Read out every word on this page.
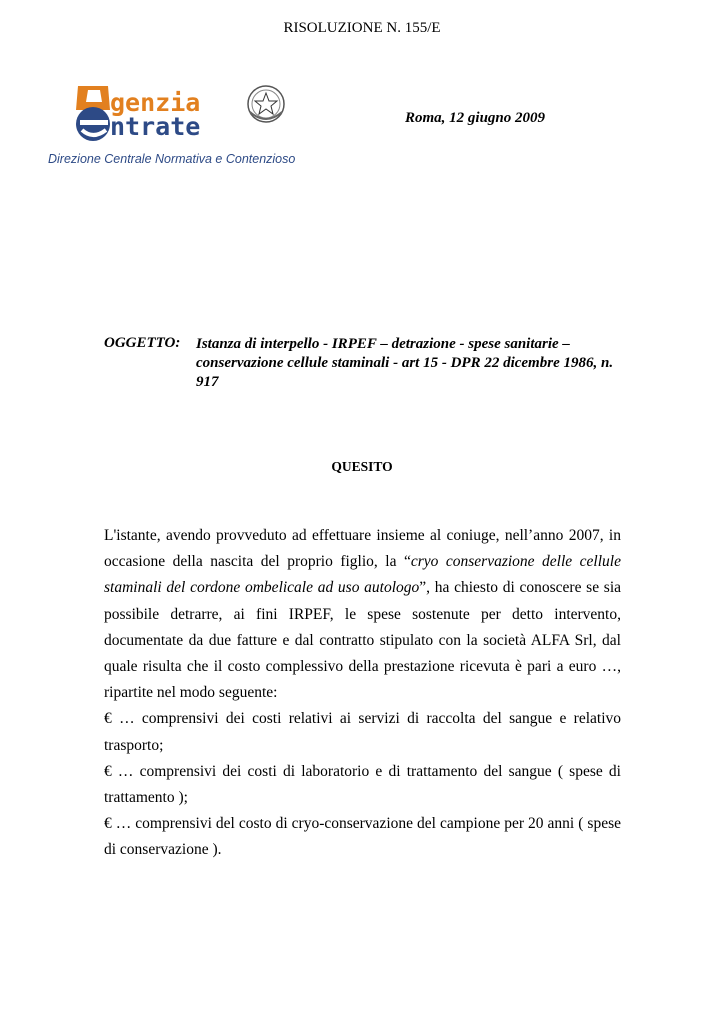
RISOLUZIONE N. 155/E
genzia
ntrate
Direzione Centrale Normativa e Contenzioso
Roma, 12 giugno 2009
OGGETTO: Istanza di interpello - IRPEF – detrazione - spese sanitarie – conservazione cellule staminali - art 15 - DPR 22 dicembre 1986, n. 917
QUESITO

L'istante, avendo provveduto ad effettuare insieme al coniuge, nell’anno 2007, in occasione della nascita del proprio figlio, la “cryo conservazione delle cellule staminali del cordone ombelicale ad uso autologo”, ha chiesto di conoscere se sia possibile detrarre, ai fini IRPEF, le spese sostenute per detto intervento, documentate da due fatture e dal contratto stipulato con la società ALFA Srl, dal quale risulta che il costo complessivo della prestazione ricevuta è pari a euro …, ripartite nel modo seguente:

€ … comprensivi dei costi relativi ai servizi di raccolta del sangue e relativo trasporto;

€ … comprensivi dei costi di laboratorio e di trattamento del sangue ( spese di trattamento );

€ … comprensivi del costo di cryo-conservazione del campione per 20 anni ( spese di conservazione ).
